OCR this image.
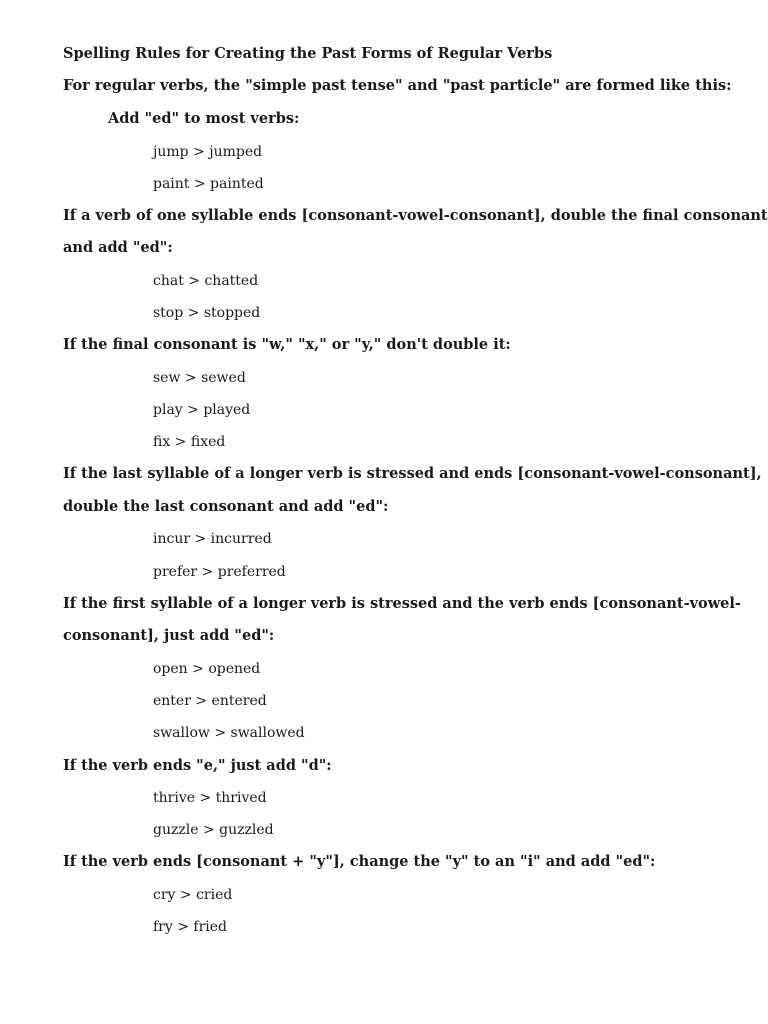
Spelling Rules for Creating the Past Forms of Regular Verbs
For regular verbs, the "simple past tense" and "past particle" are formed like this:
Add "ed" to most verbs:
jump > jumped
paint > painted
If a verb of one syllable ends [consonant-vowel-consonant], double the final consonant
and add "ed":
chat > chatted
stop > stopped
If the final consonant is "w," "x," or "y," don't double it:
sew > sewed
play > played
fix > fixed
If the last syllable of a longer verb is stressed and ends [consonant-vowel-consonant],
double the last consonant and add "ed":
incur > incurred
prefer > preferred
If the first syllable of a longer verb is stressed and the verb ends [consonant-vowel-
consonant], just add "ed":
open > opened
enter > entered
swallow > swallowed
If the verb ends "e," just add "d":
thrive > thrived
guzzle > guzzled
If the verb ends [consonant + "y"], change the "y" to an "i" and add "ed":
cry > cried
fry > fried
